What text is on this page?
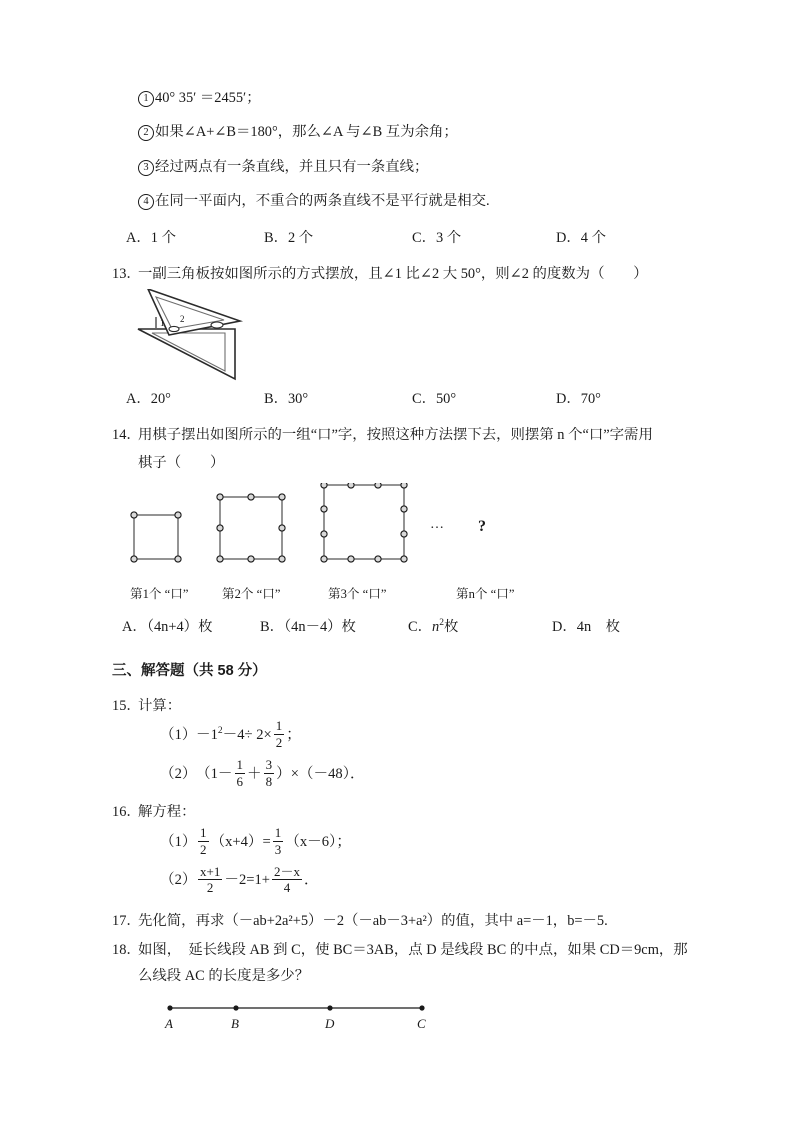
1 40° 35′ ＝2455′；
2 如果∠A+∠B＝180°，那么∠A 与∠B 互为余角；
3 经过两点有一条直线，并且只有一条直线；
4 在同一平面内，不重合的两条直线不是平行就是相交.
A．1 个	B．2 个	C．3 个	D．4 个
13．一副三角板按如图所示的方式摆放，且∠1 比∠2 大 50°，则∠2 的度数为（　　）
1 2
A．20°	B．30°	C．50°	D．70°
14．用棋子摆出如图所示的一组“口”字，按照这种方法摆下去，则摆第 n 个“口”字需用
棋子（　　）
… ?
第1个 “口”	第2个 “口”	第3个 “口”	第n个 “口”
A．（4n+4）枚	B．（4n－4）枚	C．$n^2$枚	D．4n　枚
三、解答题（共 58 分）
15．计算：
$(1)-1^2-4\div 2\times \frac{1}{2}$ ；
$(2)(1- \frac{1}{6} + \frac{3}{8} )\times(-48)$．
16．解方程：
$(1) \frac{1}{2} (x+4)= \frac{1}{3} (x-6)$；
$(2) \frac{x+1}{2} -2=1+ \frac{2-x}{4}$ ．
17．先化简，再求（－ab+2a²+5）－2（－ab－3+a²）的值，其中 a=－1，b=－5.
18．如图，　延长线段 AB 到 C，使 BC＝3AB，点 D 是线段 BC 的中点，如果 CD＝9cm，那
么线段 AC 的长度是多少？
A	B	D	C
